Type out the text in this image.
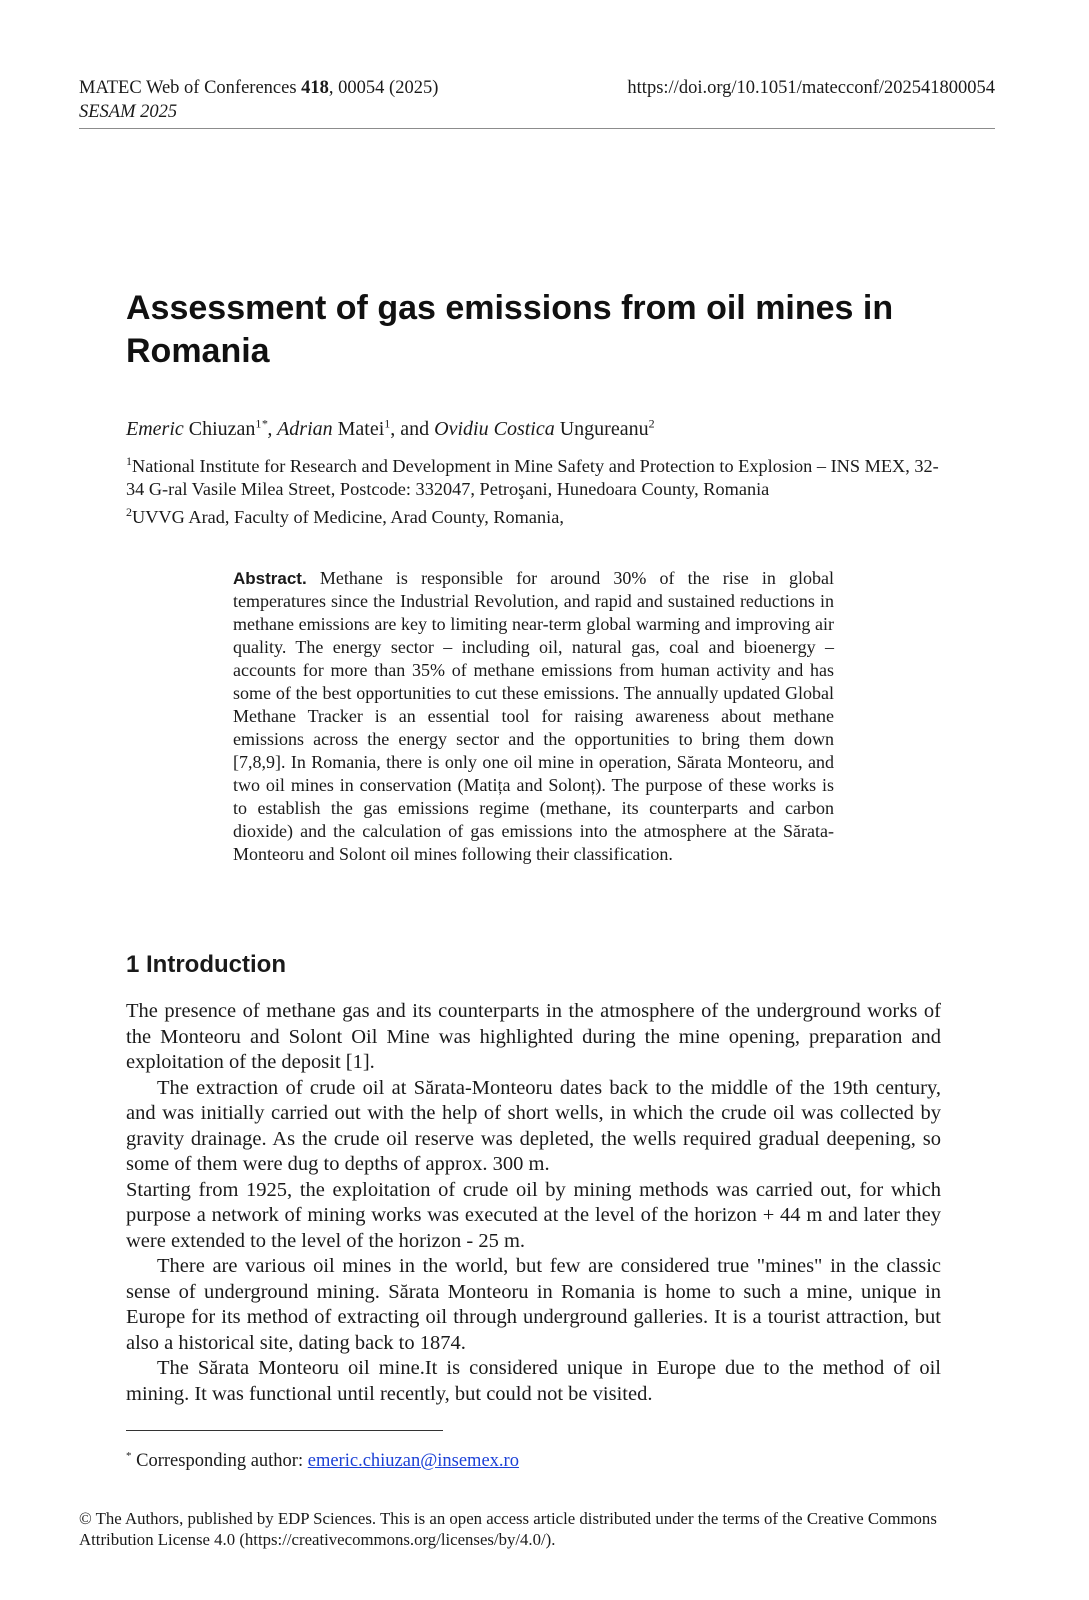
MATEC Web of Conferences 418, 00054 (2025)
SESAM 2025
https://doi.org/10.1051/matecconf/202541800054
Assessment of gas emissions from oil mines in Romania
Emeric Chiuzan$^{1*}$, Adrian Matei$^1$, and Ovidiu Costica Ungureanu$^2$
$^1$National Institute for Research and Development in Mine Safety and Protection to Explosion – INS MEX, 32-34 G-ral Vasile Milea Street, Postcode: 332047, Petroşani, Hunedoara County, Romania
$^2$UVVG Arad, Faculty of Medicine, Arad County, Romania,

Abstract. Methane is responsible for around 30% of the rise in global temperatures since the Industrial Revolution, and rapid and sustained reductions in methane emissions are key to limiting near-term global warming and improving air quality. The energy sector – including oil, natural gas, coal and bioenergy – accounts for more than 35% of methane emissions from human activity and has some of the best opportunities to cut these emissions. The annually updated Global Methane Tracker is an essential tool for raising awareness about methane emissions across the energy sector and the opportunities to bring them down [7,8,9]. In Romania, there is only one oil mine in operation, Sărata Monteoru, and two oil mines in conservation (Matița and Solonț). The purpose of these works is to establish the gas emissions regime (methane, its counterparts and carbon dioxide) and the calculation of gas emissions into the atmosphere at the Sărata-Monteoru and Solont oil mines following their classification.

1 Introduction

The presence of methane gas and its counterparts in the atmosphere of the underground works of the Monteoru and Solont Oil Mine was highlighted during the mine opening, preparation and exploitation of the deposit [1].

The extraction of crude oil at Sărata-Monteoru dates back to the middle of the 19th century, and was initially carried out with the help of short wells, in which the crude oil was collected by gravity drainage. As the crude oil reserve was depleted, the wells required gradual deepening, so some of them were dug to depths of approx. 300 m.

Starting from 1925, the exploitation of crude oil by mining methods was carried out, for which purpose a network of mining works was executed at the level of the horizon + 44 m and later they were extended to the level of the horizon - 25 m.

There are various oil mines in the world, but few are considered true "mines" in the classic sense of underground mining. Sărata Monteoru in Romania is home to such a mine, unique in Europe for its method of extracting oil through underground galleries. It is a tourist attraction, but also a historical site, dating back to 1874.

The Sărata Monteoru oil mine.It is considered unique in Europe due to the method of oil mining. It was functional until recently, but could not be visited.

* Corresponding author: emeric.chiuzan@insemex.ro
© The Authors, published by EDP Sciences. This is an open access article distributed under the terms of the Creative Commons Attribution License 4.0 (https://creativecommons.org/licenses/by/4.0/).
